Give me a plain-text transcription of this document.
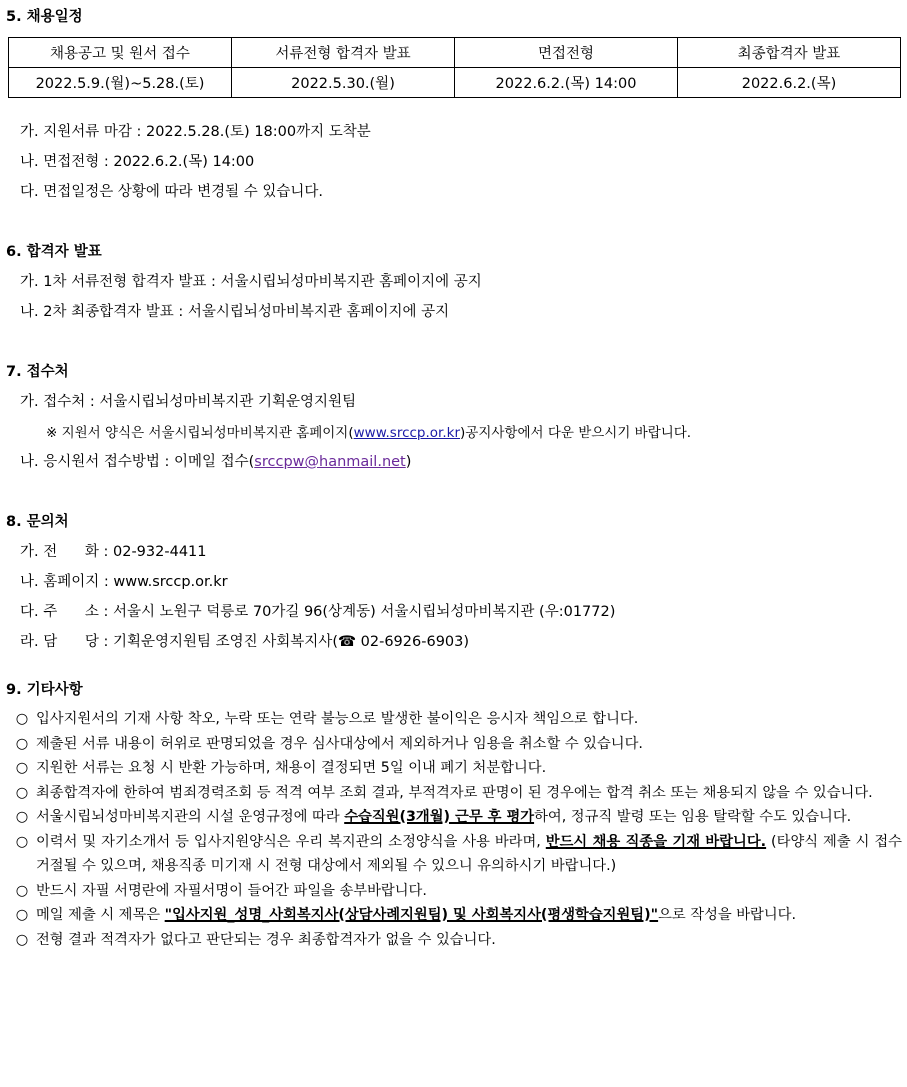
5. 채용일정
채용공고 및 원서 접수	서류전형 합격자 발표	면접전형	최종합격자 발표
2022.5.9.(월)~5.28.(토)	2022.5.30.(월)	2022.6.2.(목) 14:00	2022.6.2.(목)
가. 지원서류 마감 : 2022.5.28.(토) 18:00까지 도착분
나. 면접전형 : 2022.6.2.(목) 14:00
다. 면접일정은 상황에 따라 변경될 수 있습니다.
6. 합격자 발표
가. 1차 서류전형 합격자 발표 : 서울시립뇌성마비복지관 홈페이지에 공지
나. 2차 최종합격자 발표 : 서울시립뇌성마비복지관 홈페이지에 공지
7. 접수처
가. 접수처 : 서울시립뇌성마비복지관 기획운영지원팀
※ 지원서 양식은 서울시립뇌성마비복지관 홈페이지(www.srccp.or.kr)공지사항에서 다운 받으시기 바랍니다.
나. 응시원서 접수방법 : 이메일 접수(srccpw@hanmail.net)
8. 문의처
가. 전      화 : 02-932-4411
나. 홈페이지 : www.srccp.or.kr
다. 주      소 : 서울시 노원구 덕릉로 70가길 96(상계동) 서울시립뇌성마비복지관 (우:01772)
라. 담      당 : 기획운영지원팀 조영진 사회복지사(☎ 02-6926-6903)
9. 기타사항
○ 입사지원서의 기재 사항 착오, 누락 또는 연락 불능으로 발생한 불이익은 응시자 책임으로 합니다.
○ 제출된 서류 내용이 허위로 판명되었을 경우 심사대상에서 제외하거나 임용을 취소할 수 있습니다.
○ 지원한 서류는 요청 시 반환 가능하며, 채용이 결정되면 5일 이내 폐기 처분합니다.
○ 최종합격자에 한하여 범죄경력조회 등 적격 여부 조회 결과, 부적격자로 판명이 된 경우에는 합격 취소 또는 채용되지 않을 수 있습니다.
○ 서울시립뇌성마비복지관의 시설 운영규정에 따라 수습직원(3개월) 근무 후 평가하여, 정규직 발령 또는 임용 탈락할 수도 있습니다.
○ 이력서 및 자기소개서 등 입사지원양식은 우리 복지관의 소정양식을 사용 바라며, 반드시 채용 직종을 기재 바랍니다. (타양식 제출 시 접수 거절될 수 있으며, 채용직종 미기재 시 전형 대상에서 제외될 수 있으니 유의하시기 바랍니다.)
○ 반드시 자필 서명란에 자필서명이 들어간 파일을 송부바랍니다.
○ 메일 제출 시 제목은 "입사지원_성명_사회복지사(상담사례지원팀) 및 사회복지사(평생학습지원팀)"으로 작성을 바랍니다.
○ 전형 결과 적격자가 없다고 판단되는 경우 최종합격자가 없을 수 있습니다.
